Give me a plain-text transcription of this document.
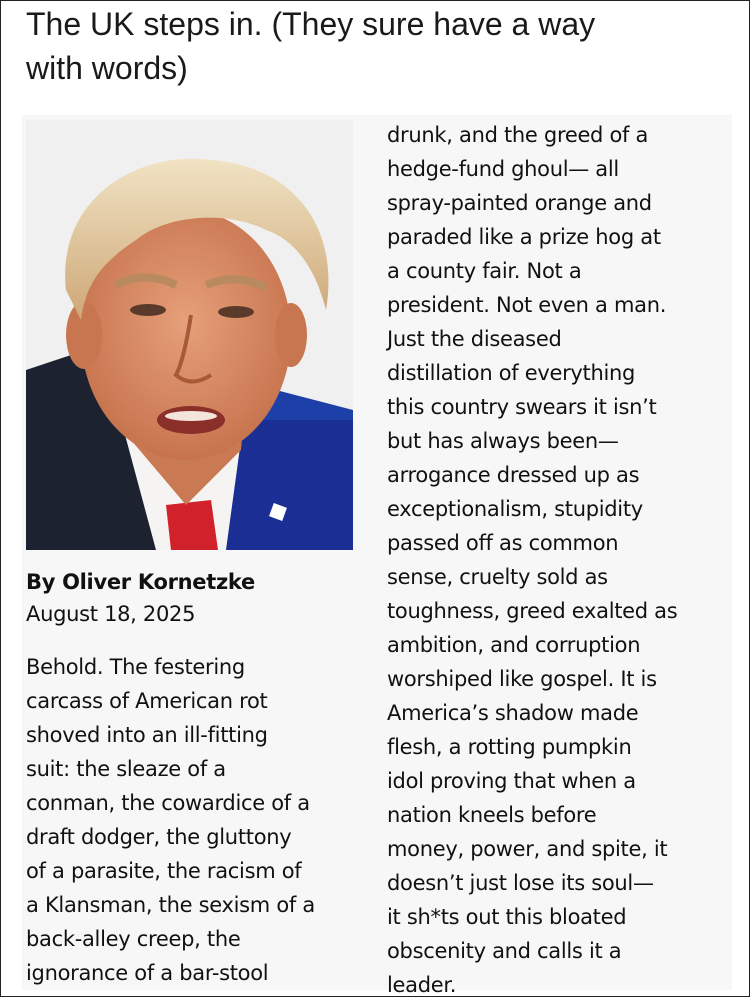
The UK steps in. (They sure have a way
with words)
drunk, and the greed of a
hedge-fund ghoul— all
spray-painted orange and
paraded like a prize hog at
a county fair. Not a
president. Not even a man.
Just the diseased
distillation of everything
this country swears it isn’t
but has always been—
arrogance dressed up as
exceptionalism, stupidity
passed off as common
sense, cruelty sold as
toughness, greed exalted as
ambition, and corruption
worshiped like gospel. It is
America’s shadow made
flesh, a rotting pumpkin
idol proving that when a
nation kneels before
money, power, and spite, it
doesn’t just lose its soul—
it sh*ts out this bloated
obscenity and calls it a
leader.
By Oliver Kornetzke
August 18, 2025
Behold. The festering
carcass of American rot
shoved into an ill-fitting
suit: the sleaze of a
conman, the cowardice of a
draft dodger, the gluttony
of a parasite, the racism of
a Klansman, the sexism of a
back-alley creep, the
ignorance of a bar-stool
